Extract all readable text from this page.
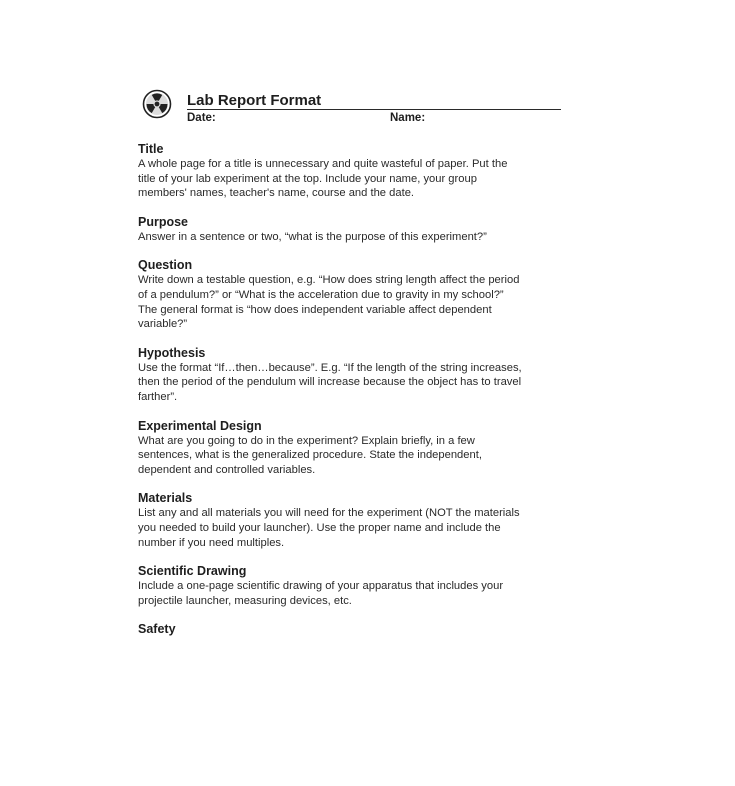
Lab Report Format
Date:	Name:
Title
A whole page for a title is unnecessary and quite wasteful of paper. Put the
title of your lab experiment at the top. Include your name, your group
members' names, teacher's name, course and the date.
Purpose
Answer in a sentence or two, “what is the purpose of this experiment?”
Question
Write down a testable question, e.g. “How does string length affect the period
of a pendulum?” or “What is the acceleration due to gravity in my school?”
The general format is “how does independent variable affect dependent
variable?”
Hypothesis
Use the format “If…then…because”. E.g. “If the length of the string increases,
then the period of the pendulum will increase because the object has to travel
farther”.
Experimental Design
What are you going to do in the experiment? Explain briefly, in a few
sentences, what is the generalized procedure. State the independent,
dependent and controlled variables.
Materials
List any and all materials you will need for the experiment (NOT the materials
you needed to build your launcher). Use the proper name and include the
number if you need multiples.
Scientific Drawing
Include a one-page scientific drawing of your apparatus that includes your
projectile launcher, measuring devices, etc.
Safety
